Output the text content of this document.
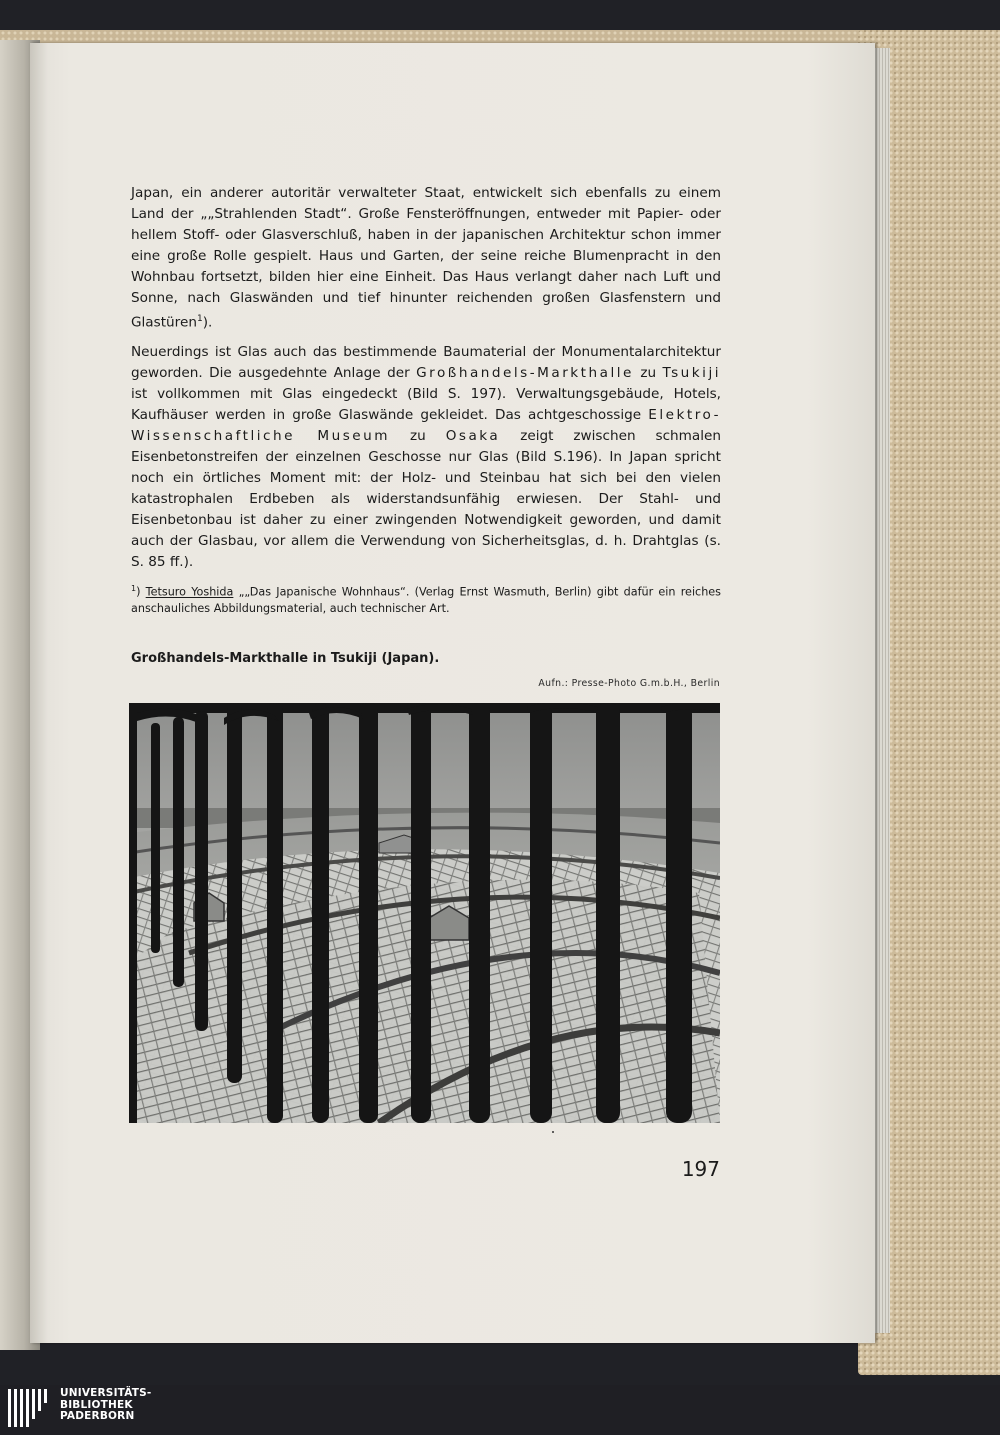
Japan, ein anderer autoritär verwalteter Staat, entwickelt sich ebenfalls zu einem Land der „„Strahlenden Stadt“. Große Fensteröffnungen, entweder mit Papier- oder hellem Stoff- oder Glasverschluß, haben in der japanischen Architektur schon immer eine große Rolle gespielt. Haus und Garten, der seine reiche Blumenpracht in den Wohnbau fortsetzt, bilden hier eine Einheit. Das Haus verlangt daher nach Luft und Sonne, nach Glaswänden und tief hinunter reichenden großen Glasfenstern und Glastüren$^1$).

Neuerdings ist Glas auch das bestimmende Baumaterial der Monumentalarchitektur geworden. Die ausgedehnte Anlage der Großhandels-Markthalle zu Tsukiji ist vollkommen mit Glas eingedeckt (Bild S. 197). Verwaltungsgebäude, Hotels, Kaufhäuser werden in große Glaswände gekleidet. Das achtgeschossige Elektro-Wissenschaftliche Museum zu Osaka zeigt zwischen schmalen Eisenbetonstreifen der einzelnen Geschosse nur Glas (Bild S.196). In Japan spricht noch ein örtliches Moment mit: der Holz- und Steinbau hat sich bei den vielen katastrophalen Erdbeben als widerstandsunfähig erwiesen. Der Stahl- und Eisenbetonbau ist daher zu einer zwingenden Notwendigkeit geworden, und damit auch der Glasbau, vor allem die Verwendung von Sicherheitsglas, d. h. Drahtglas (s. S. 85 ff.).

$^1$) Tetsuro Yoshida „„Das Japanische Wohnhaus“. (Verlag Ernst Wasmuth, Berlin) gibt dafür ein reiches anschauliches Abbildungsmaterial, auch technischer Art.

Großhandels-Markthalle in Tsukiji (Japan).
Aufn.: Presse-Photo G.m.b.H., Berlin
197
UNIVERSITÄTS-
BIBLIOTHEK
PADERBORN
